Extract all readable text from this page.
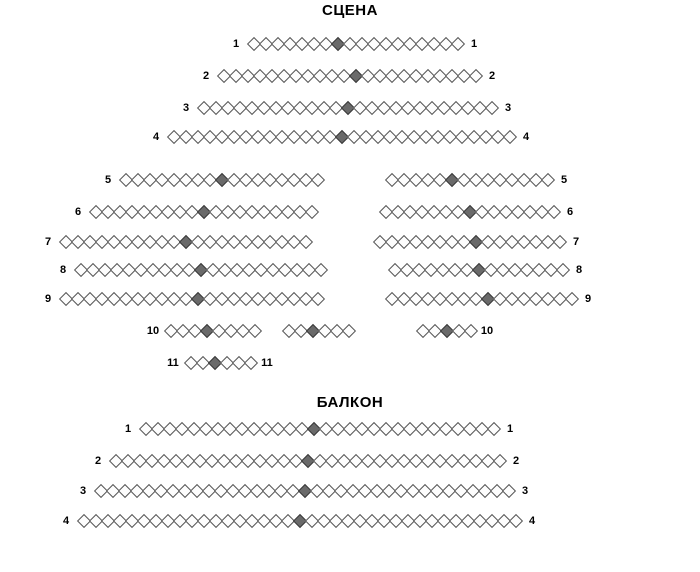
СЦЕНА
БАЛКОН
1	1
2	2
3	3
4	4
5	5
6	6
7	7
8	8
9	9
10	10
11	11
1	1
2	2
3	3
4	4
